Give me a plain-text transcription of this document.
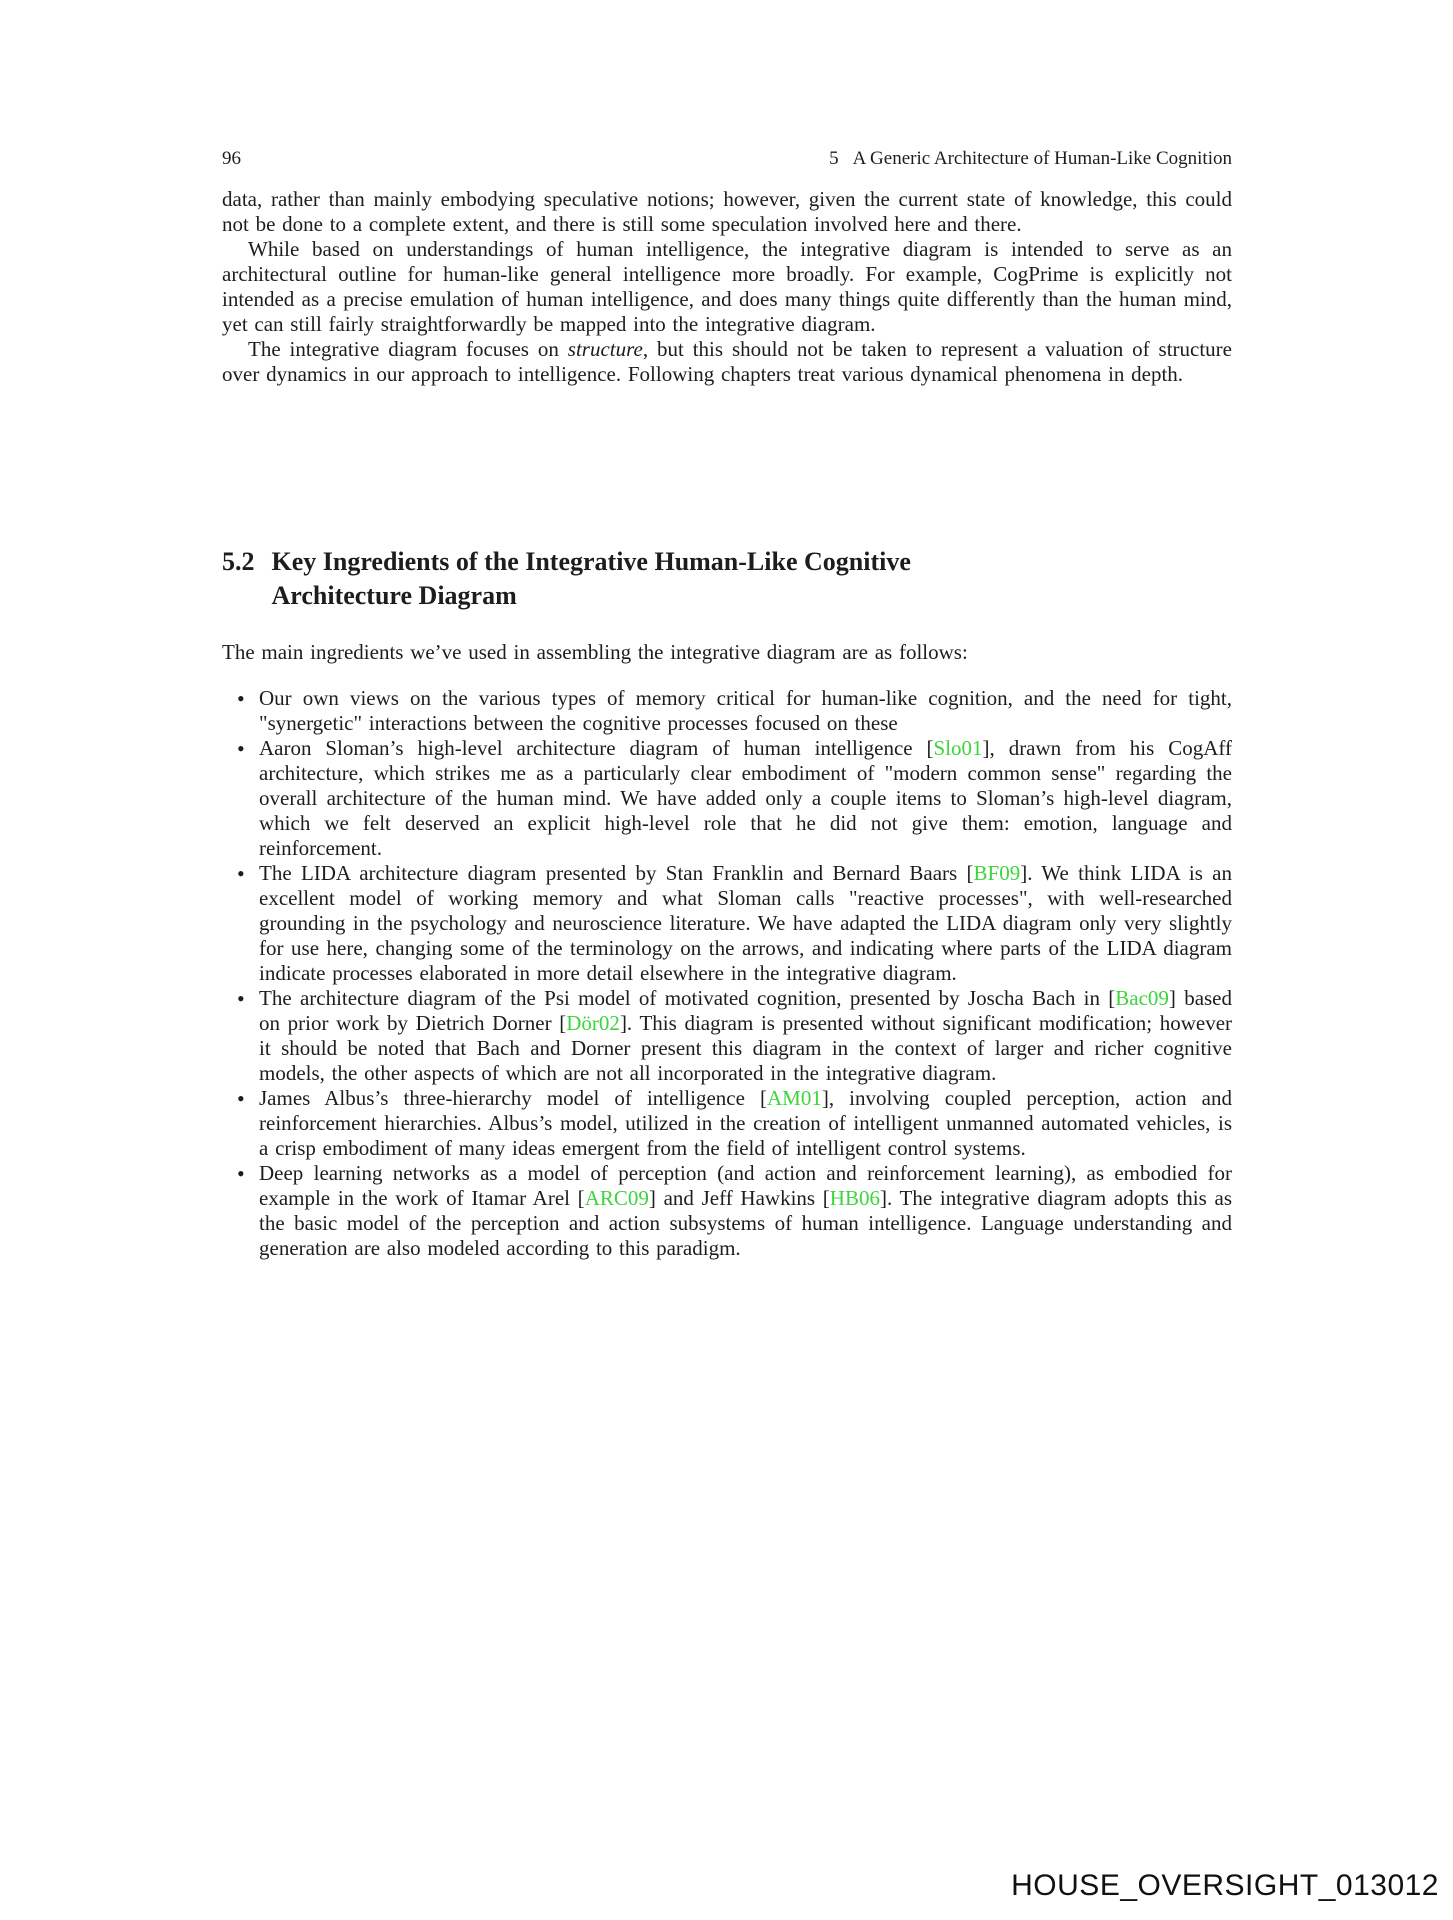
96	5 A Generic Architecture of Human-Like Cognition

data, rather than mainly embodying speculative notions; however, given the current state of knowledge, this could not be done to a complete extent, and there is still some speculation involved here and there.

While based on understandings of human intelligence, the integrative diagram is intended to serve as an architectural outline for human-like general intelligence more broadly. For example, CogPrime is explicitly not intended as a precise emulation of human intelligence, and does many things quite differently than the human mind, yet can still fairly straightforwardly be mapped into the integrative diagram.

The integrative diagram focuses on structure, but this should not be taken to represent a valuation of structure over dynamics in our approach to intelligence. Following chapters treat various dynamical phenomena in depth.

5.2 Key Ingredients of the Integrative Human-Like Cognitive
Architecture Diagram

The main ingredients we’ve used in assembling the integrative diagram are as follows:

• Our own views on the various types of memory critical for human-like cognition, and the need for tight, "synergetic" interactions between the cognitive processes focused on these
• Aaron Sloman’s high-level architecture diagram of human intelligence [Slo01], drawn from his CogAff architecture, which strikes me as a particularly clear embodiment of "modern common sense" regarding the overall architecture of the human mind. We have added only a couple items to Sloman’s high-level diagram, which we felt deserved an explicit high-level role that he did not give them: emotion, language and reinforcement.
• The LIDA architecture diagram presented by Stan Franklin and Bernard Baars [BF09]. We think LIDA is an excellent model of working memory and what Sloman calls "reactive processes", with well-researched grounding in the psychology and neuroscience literature. We have adapted the LIDA diagram only very slightly for use here, changing some of the terminology on the arrows, and indicating where parts of the LIDA diagram indicate processes elaborated in more detail elsewhere in the integrative diagram.
• The architecture diagram of the Psi model of motivated cognition, presented by Joscha Bach in [Bac09] based on prior work by Dietrich Dorner [Dör02]. This diagram is presented without significant modification; however it should be noted that Bach and Dorner present this diagram in the context of larger and richer cognitive models, the other aspects of which are not all incorporated in the integrative diagram.
• James Albus’s three-hierarchy model of intelligence [AM01], involving coupled perception, action and reinforcement hierarchies. Albus’s model, utilized in the creation of intelligent unmanned automated vehicles, is a crisp embodiment of many ideas emergent from the field of intelligent control systems.
• Deep learning networks as a model of perception (and action and reinforcement learning), as embodied for example in the work of Itamar Arel [ARC09] and Jeff Hawkins [HB06]. The integrative diagram adopts this as the basic model of the perception and action subsystems of human intelligence. Language understanding and generation are also modeled according to this paradigm.
HOUSE_OVERSIGHT_013012
